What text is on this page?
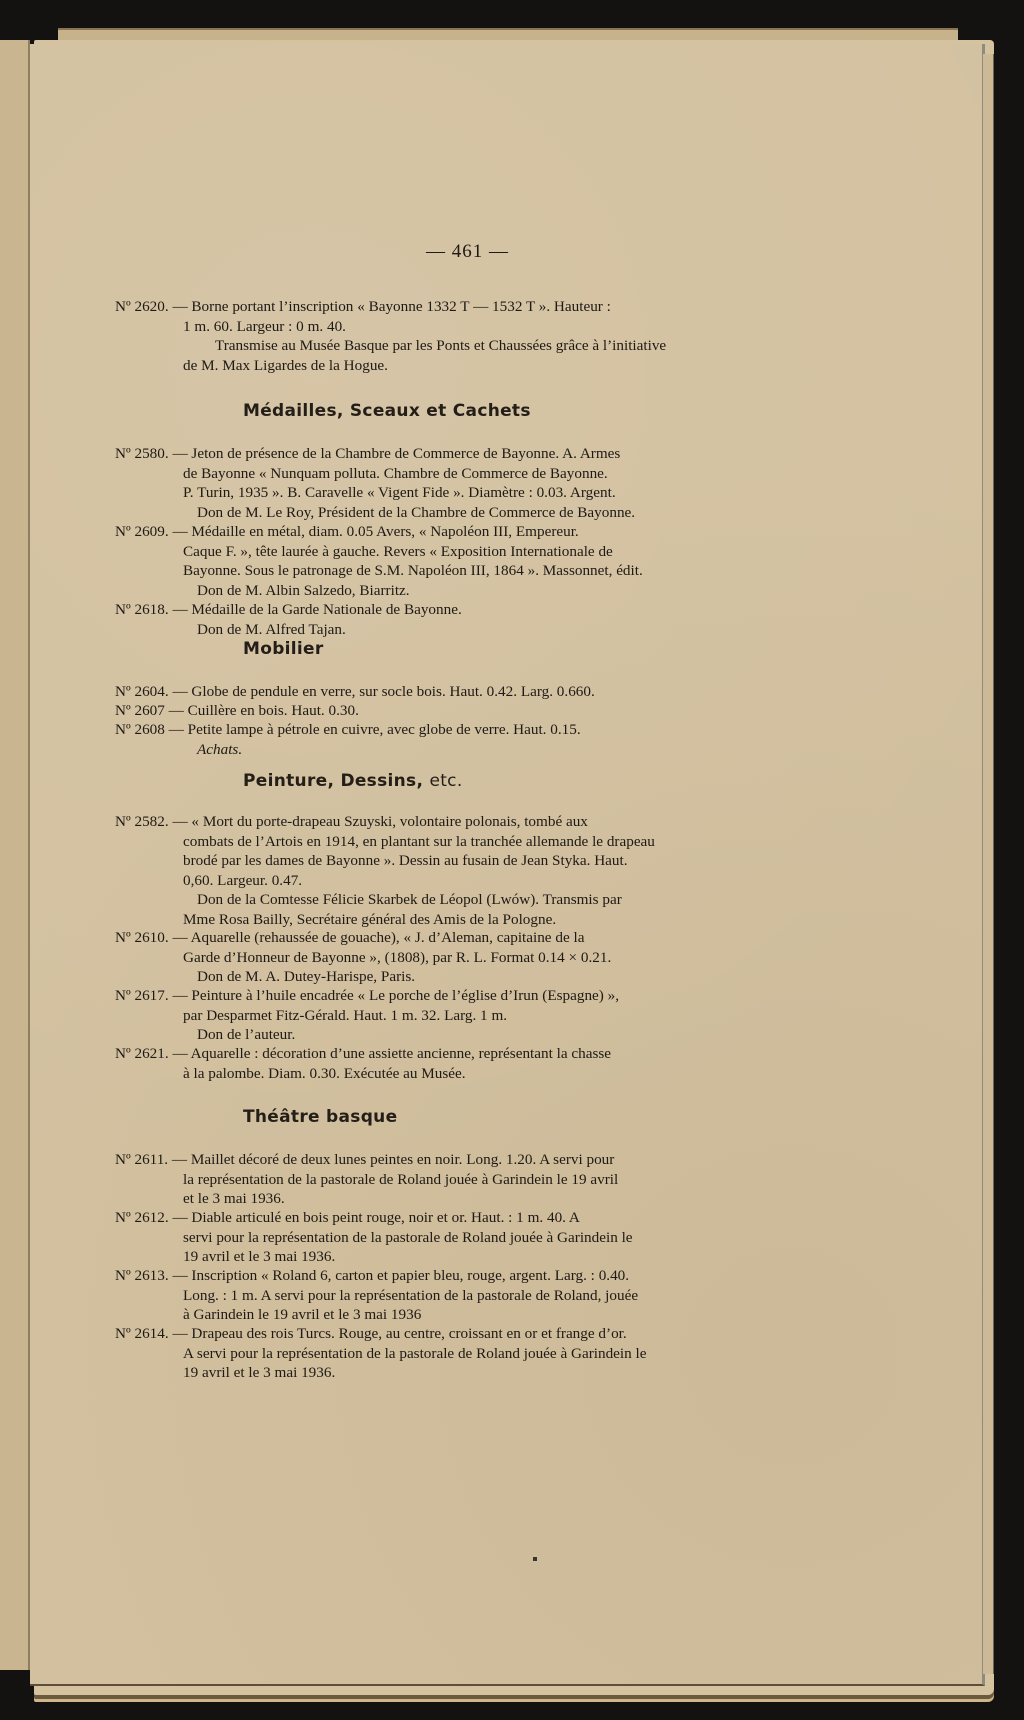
— 461 —
Nº 2620. — Borne portant l’inscription « Bayonne 1332 T — 1532 T ». Hauteur :
1 m. 60. Largeur : 0 m. 40.
Transmise au Musée Basque par les Ponts et Chaussées grâce à l’initiative
de M. Max Ligardes de la Hogue.
Médailles, Sceaux et Cachets
Nº 2580. — Jeton de présence de la Chambre de Commerce de Bayonne. A. Armes
de Bayonne « Nunquam polluta. Chambre de Commerce de Bayonne.
P. Turin, 1935 ». B. Caravelle « Vigent Fide ». Diamètre : 0.03. Argent.
Don de M. Le Roy, Président de la Chambre de Commerce de Bayonne.
Nº 2609. — Médaille en métal, diam. 0.05 Avers, « Napoléon III, Empereur.
Caque F. », tête laurée à gauche. Revers « Exposition Internationale de
Bayonne. Sous le patronage de S.M. Napoléon III, 1864 ». Massonnet, édit.
Don de M. Albin Salzedo, Biarritz.
Nº 2618. — Médaille de la Garde Nationale de Bayonne.
Don de M. Alfred Tajan.
Mobilier
Nº 2604. — Globe de pendule en verre, sur socle bois. Haut. 0.42. Larg. 0.660.
Nº 2607 — Cuillère en bois. Haut. 0.30.
Nº 2608 — Petite lampe à pétrole en cuivre, avec globe de verre. Haut. 0.15.
Achats.
Peinture, Dessins, etc.
Nº 2582. — « Mort du porte-drapeau Szuyski, volontaire polonais, tombé aux
combats de l’Artois en 1914, en plantant sur la tranchée allemande le drapeau
brodé par les dames de Bayonne ». Dessin au fusain de Jean Styka. Haut.
0,60. Largeur. 0.47.
Don de la Comtesse Félicie Skarbek de Léopol (Lwów). Transmis par
Mme Rosa Bailly, Secrétaire général des Amis de la Pologne.
Nº 2610. — Aquarelle (rehaussée de gouache), « J. d’Aleman, capitaine de la
Garde d’Honneur de Bayonne », (1808), par R. L. Format 0.14 × 0.21.
Don de M. A. Dutey-Harispe, Paris.
Nº 2617. — Peinture à l’huile encadrée « Le porche de l’église d’Irun (Espagne) »,
par Desparmet Fitz-Gérald. Haut. 1 m. 32. Larg. 1 m.
Don de l’auteur.
Nº 2621. — Aquarelle : décoration d’une assiette ancienne, représentant la chasse
à la palombe. Diam. 0.30. Exécutée au Musée.
Théâtre basque
Nº 2611. — Maillet décoré de deux lunes peintes en noir. Long. 1.20. A servi pour
la représentation de la pastorale de Roland jouée à Garindein le 19 avril
et le 3 mai 1936.
Nº 2612. — Diable articulé en bois peint rouge, noir et or. Haut. : 1 m. 40. A
servi pour la représentation de la pastorale de Roland jouée à Garindein le
19 avril et le 3 mai 1936.
Nº 2613. — Inscription « Roland 6, carton et papier bleu, rouge, argent. Larg. : 0.40.
Long. : 1 m. A servi pour la représentation de la pastorale de Roland, jouée
à Garindein le 19 avril et le 3 mai 1936
Nº 2614. — Drapeau des rois Turcs. Rouge, au centre, croissant en or et frange d’or.
A servi pour la représentation de la pastorale de Roland jouée à Garindein le
19 avril et le 3 mai 1936.
